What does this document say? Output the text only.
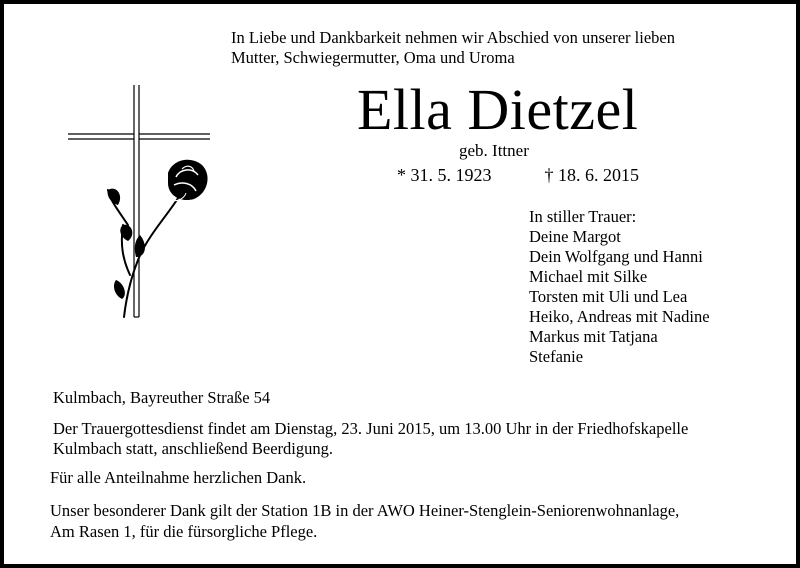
In Liebe und Dankbarkeit nehmen wir Abschied von unserer lieben
Mutter, Schwiegermutter, Oma und Uroma
Ella Dietzel
geb. Ittner
* 31. 5. 1923	† 18. 6. 2015
In stiller Trauer:
Deine Margot
Dein Wolfgang und Hanni
Michael mit Silke
Torsten mit Uli und Lea
Heiko, Andreas mit Nadine
Markus mit Tatjana
Stefanie
Kulmbach, Bayreuther Straße 54
Der Trauergottesdienst findet am Dienstag, 23. Juni 2015, um 13.00 Uhr in der Friedhofskapelle
Kulmbach statt, anschließend Beerdigung.
Für alle Anteilnahme herzlichen Dank.
Unser besonderer Dank gilt der Station 1B in der AWO Heiner-Stenglein-Seniorenwohnanlage,
Am Rasen 1, für die fürsorgliche Pflege.
